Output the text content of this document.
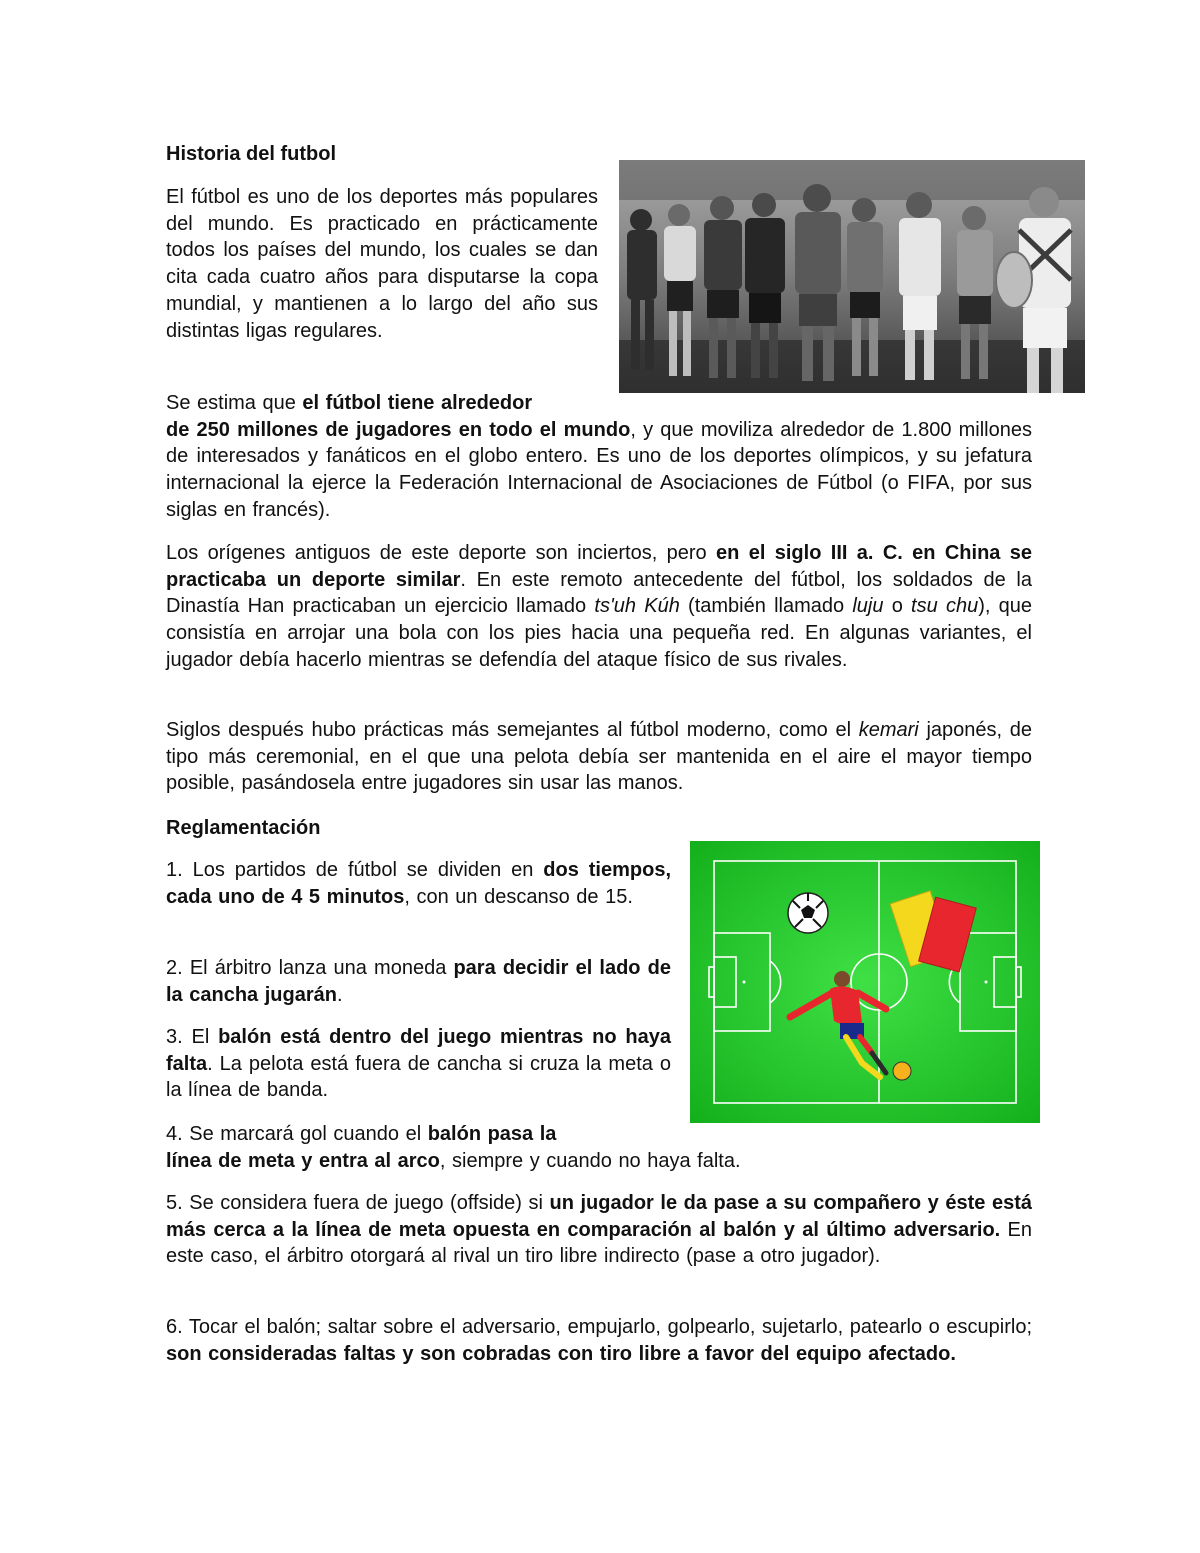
Historia del futbol

El fútbol es uno de los deportes más populares del mundo. Es practicado en prácticamente todos los países del mundo, los cuales se dan cita cada cuatro años para disputarse la copa mundial, y mantienen a lo largo del año sus distintas ligas regulares.

Se estima que el fútbol tiene alrededor

de 250 millones de jugadores en todo el mundo, y que moviliza alrededor de 1.800 millones de interesados y fanáticos en el globo entero. Es uno de los deportes olímpicos, y su jefatura internacional la ejerce la Federación Internacional de Asociaciones de Fútbol (o FIFA, por sus siglas en francés).

Los orígenes antiguos de este deporte son inciertos, pero en el siglo III a. C. en China se practicaba un deporte similar. En este remoto antecedente del fútbol, los soldados de la Dinastía Han practicaban un ejercicio llamado ts'uh Kúh (también llamado luju o tsu chu), que consistía en arrojar una bola con los pies hacia una pequeña red. En algunas variantes, el jugador debía hacerlo mientras se defendía del ataque físico de sus rivales.

Siglos después hubo prácticas más semejantes al fútbol moderno, como el kemari japonés, de tipo más ceremonial, en el que una pelota debía ser mantenida en el aire el mayor tiempo posible, pasándosela entre jugadores sin usar las manos.

Reglamentación

1. Los partidos de fútbol se dividen en dos tiempos, cada uno de 4 5 minutos, con un descanso de 15.

2. El árbitro lanza una moneda para decidir el lado de la cancha jugarán.

3. El balón está dentro del juego mientras no haya falta. La pelota está fuera de cancha si cruza la meta o la línea de banda.

4. Se marcará gol cuando el balón pasa la

línea de meta y entra al arco, siempre y cuando no haya falta.

5. Se considera fuera de juego (offside) si un jugador le da pase a su compañero y éste está más cerca a la línea de meta opuesta en comparación al balón y al último adversario. En este caso, el árbitro otorgará al rival un tiro libre indirecto (pase a otro jugador).

6. Tocar el balón; saltar sobre el adversario, empujarlo, golpearlo, sujetarlo, patearlo o escupirlo; son consideradas faltas y son cobradas con tiro libre a favor del equipo afectado.
